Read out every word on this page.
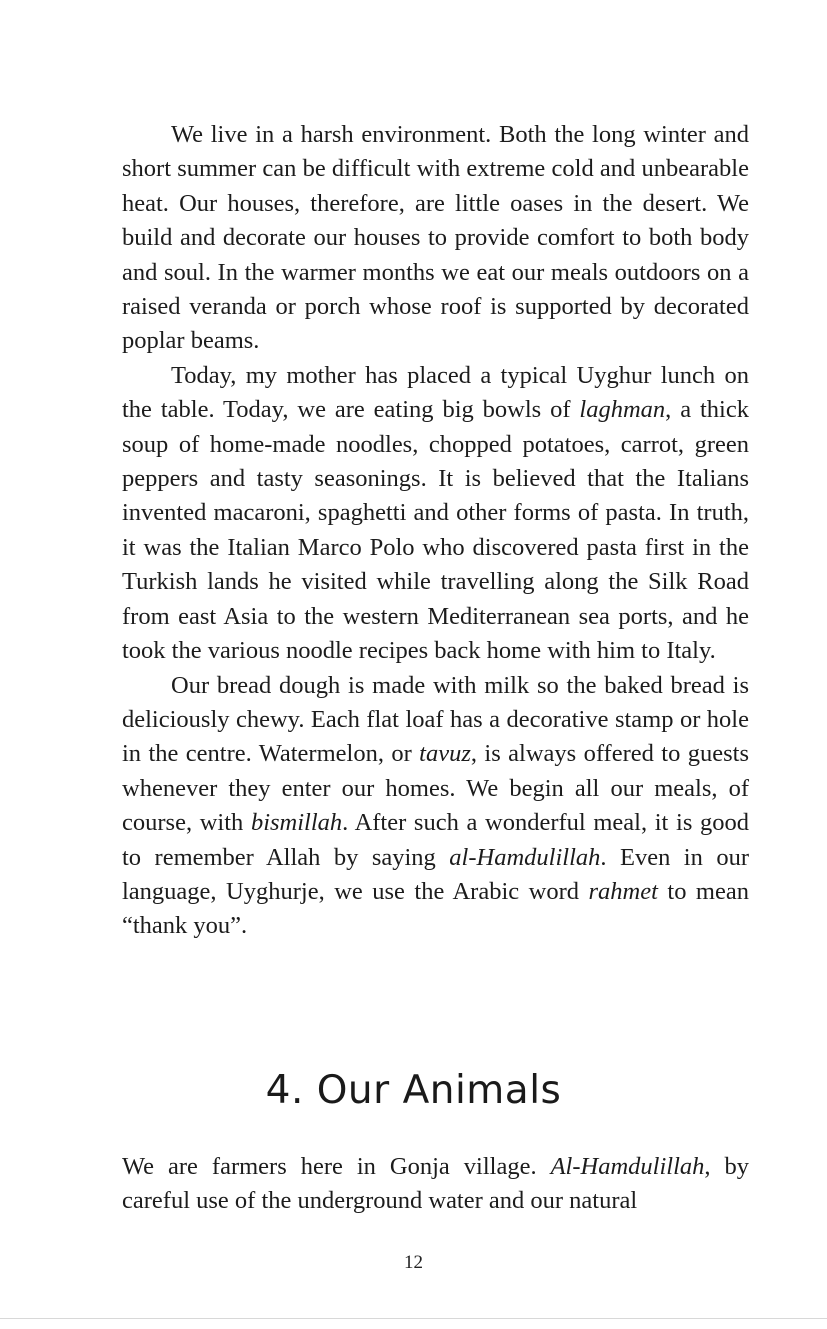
We live in a harsh environment. Both the long winter and short summer can be difficult with extreme cold and unbearable heat. Our houses, therefore, are little oases in the desert. We build and decorate our houses to provide comfort to both body and soul. In the warmer months we eat our meals outdoors on a raised veranda or porch whose roof is supported by decorated poplar beams.

Today, my mother has placed a typical Uyghur lunch on the table. Today, we are eating big bowls of laghman, a thick soup of home-made noodles, chopped potatoes, carrot, green peppers and tasty seasonings. It is believed that the Italians invented macaroni, spaghetti and other forms of pasta. In truth, it was the Italian Marco Polo who discovered pasta first in the Turkish lands he visited while travelling along the Silk Road from east Asia to the western Mediterranean sea ports, and he took the various noodle recipes back home with him to Italy.

Our bread dough is made with milk so the baked bread is deliciously chewy. Each flat loaf has a decorative stamp or hole in the centre. Watermelon, or tavuz, is always offered to guests whenever they enter our homes. We begin all our meals, of course, with bismillah. After such a wonderful meal, it is good to remember Allah by saying al-Hamdulillah. Even in our language, Uyghurje, we use the Arabic word rahmet to mean “thank you”.

4. Our Animals

We are farmers here in Gonja village. Al-Hamdulillah, by careful use of the underground water and our natural

12
